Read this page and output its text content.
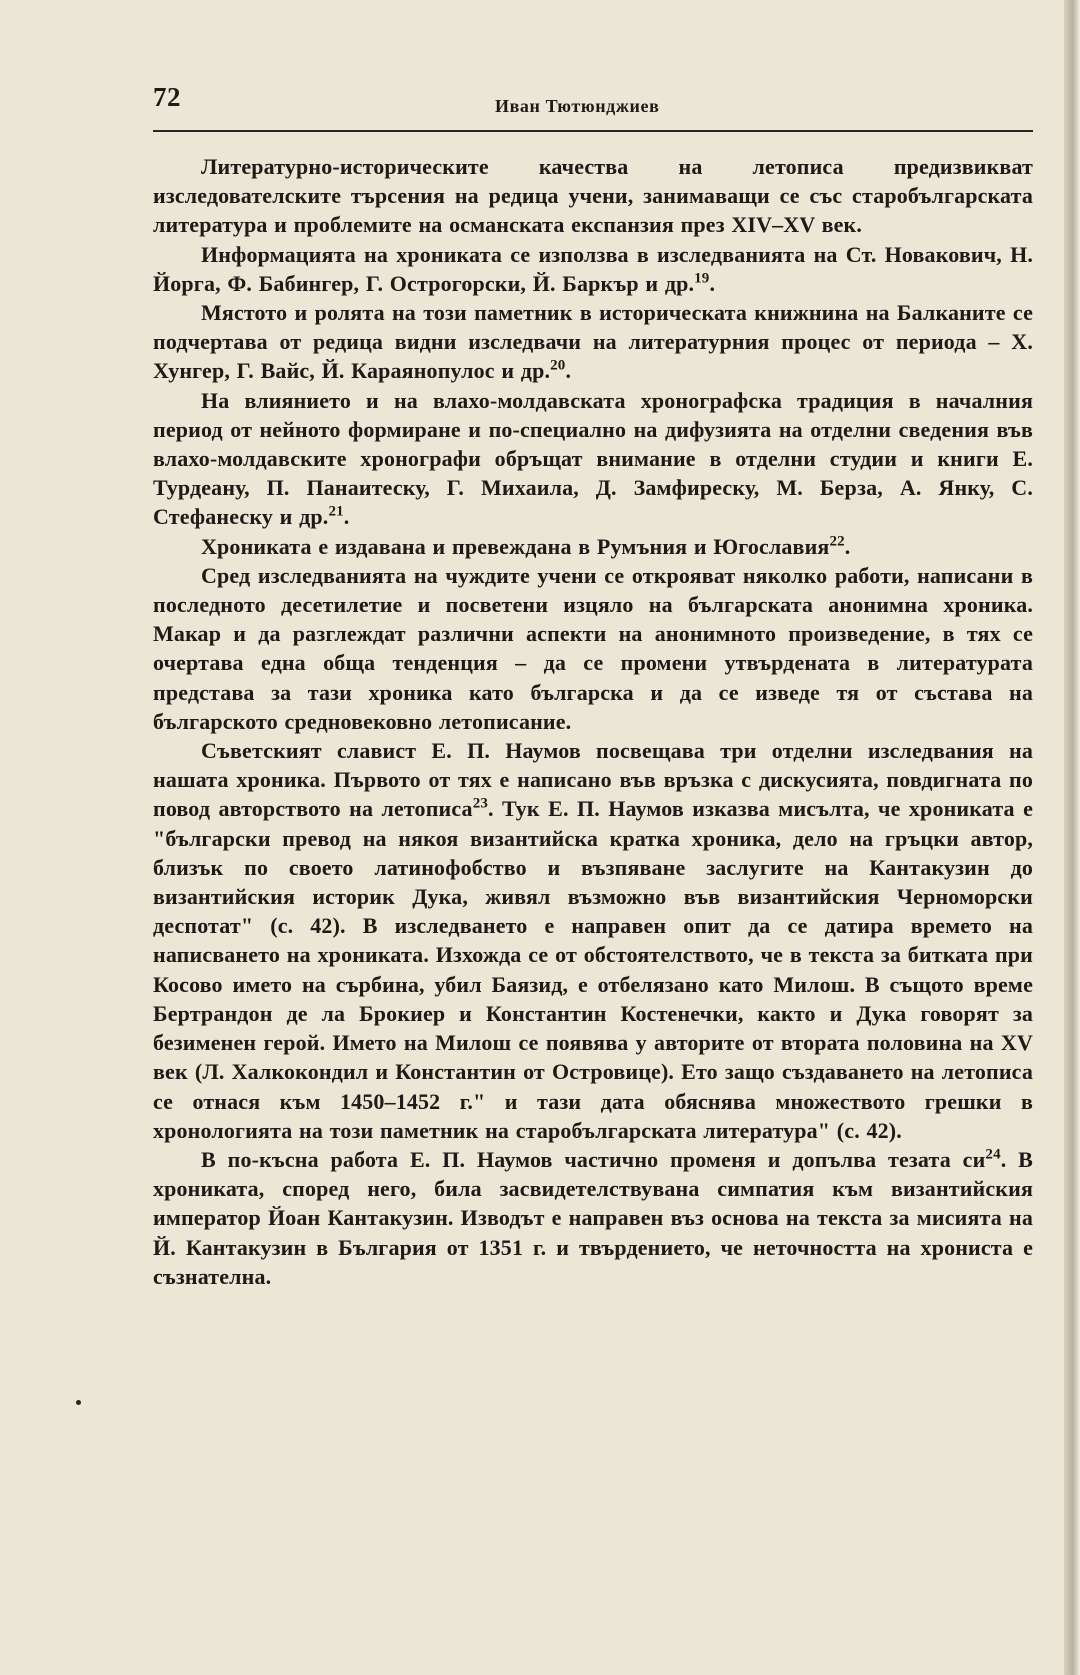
72	Иван Тютюнджиев

Литературно-историческите качества на летописа предизвикват изследователските търсения на редица учени, занимаващи се със старобългарската литература и проблемите на османската експанзия през XIV–XV век.

Информацията на хрониката се използва в изследванията на Ст. Новакович, Н. Йорга, Ф. Бабингер, Г. Острогорски, Й. Баркър и др.$^{19}$.

Мястото и ролята на този паметник в историческата книжнина на Балканите се подчертава от редица видни изследвачи на литературния процес от периода – Х. Хунгер, Г. Вайс, Й. Караянопулос и др.$^{20}$.

На влиянието и на влахо-молдавската хронографска традиция в началния период от нейното формиране и по-специално на дифузията на отделни сведения във влахо-молдавските хронографи обръщат внимание в отделни студии и книги Е. Турдеану, П. Панаитеску, Г. Михаила, Д. Замфиреску, М. Берза, А. Янку, С. Стефанеску и др.$^{21}$.

Хрониката е издавана и превеждана в Румъния и Югославия$^{22}$.

Сред изследванията на чуждите учени се открояват няколко работи, написани в последното десетилетие и посветени изцяло на българската анонимна хроника. Макар и да разглеждат различни аспекти на анонимното произведение, в тях се очертава една обща тенденция – да се промени утвърдената в литературата представа за тази хроника като българска и да се изведе тя от състава на българското средновековно летописание.

Съветският славист Е. П. Наумов посвещава три отделни изследвания на нашата хроника. Първото от тях е написано във връзка с дискусията, повдигната по повод авторството на летописа$^{23}$. Тук Е. П. Наумов изказва мисълта, че хрониката е "български превод на някоя византийска кратка хроника, дело на гръцки автор, близък по своето латинофобство и възпяване заслугите на Кантакузин до византийския историк Дука, живял възможно във византийския Черноморски деспотат" (с. 42). В изследването е направен опит да се датира времето на написването на хрониката. Изхожда се от обстоятелството, че в текста за битката при Косово името на сърбина, убил Баязид, е отбелязано като Милош. В същото време Бертрандон де ла Брокиер и Константин Костенечки, както и Дука говорят за безименен герой. Името на Милош се появява у авторите от втората половина на XV век (Л. Халкокондил и Константин от Островице). Ето защо създаването на летописа се отнася към 1450–1452 г." и тази дата обяснява множеството грешки в хронологията на този паметник на старобългарската литература" (с. 42).

В по-късна работа Е. П. Наумов частично променя и допълва тезата $си^{24}$. В хрониката, според него, била засвидетелствувана симпатия към византийския император Йоан Кантакузин. Изводът е направен въз основа на текста за мисията на Й. Кантакузин в България от 1351 г. и твърдението, че неточността на хрониста е съзнателна.
